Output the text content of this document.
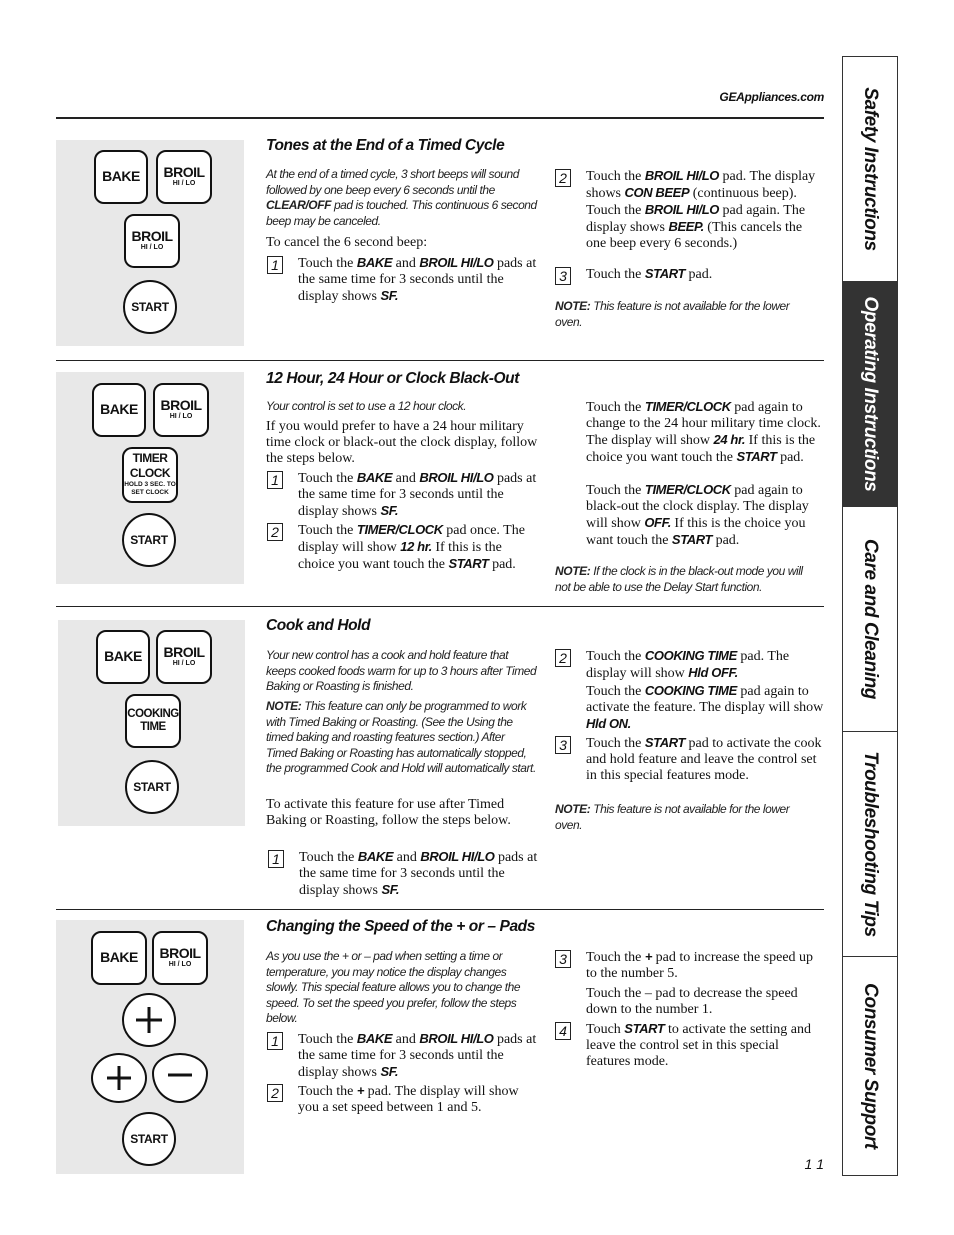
GEAppliances.com
BAKE	BROIL
HI / LO
BROIL
HI / LO
START
Tones at the End of a Timed Cycle
At the end of a timed cycle, 3 short beeps will sound followed by one beep every 6 seconds until the CLEAR/OFF pad is touched. This continuous 6 second beep may be canceled.
To cancel the 6 second beep:
1 Touch the BAKE and BROIL HI/LO pads at the same time for 3 seconds until the display shows SF.
2 Touch the BROIL HI/LO pad. The display shows CON BEEP (continuous beep). Touch the BROIL HI/LO pad again. The display shows BEEP. (This cancels the one beep every 6 seconds.)
3 Touch the START pad.
NOTE: This feature is not available for the lower oven.
BAKE	BROIL
HI / LO
TIMER
CLOCK
HOLD 3 SEC. TO
SET CLOCK
START
12 Hour, 24 Hour or Clock Black-Out
Your control is set to use a 12 hour clock.
If you would prefer to have a 24 hour military time clock or black-out the clock display, follow the steps below.
1 Touch the BAKE and BROIL HI/LO pads at the same time for 3 seconds until the display shows SF.
2 Touch the TIMER/CLOCK pad once. The display will show 12 hr. If this is the choice you want touch the START pad.
Touch the TIMER/CLOCK pad again to change to the 24 hour military time clock. The display will show 24 hr. If this is the choice you want touch the START pad.
Touch the TIMER/CLOCK pad again to black-out the clock display. The display will show OFF. If this is the choice you want touch the START pad.
NOTE: If the clock is in the black-out mode you will not be able to use the Delay Start function.
BAKE	BROIL
HI / LO
COOKING
TIME
START
Cook and Hold
Your new control has a cook and hold feature that keeps cooked foods warm for up to 3 hours after Timed Baking or Roasting is finished.
NOTE: This feature can only be programmed to work with Timed Baking or Roasting. (See the Using the timed baking and roasting features section.) After Timed Baking or Roasting has automatically stopped, the programmed Cook and Hold will automatically start.
To activate this feature for use after Timed Baking or Roasting, follow the steps below.
1 Touch the BAKE and BROIL HI/LO pads at the same time for 3 seconds until the display shows SF.
2 Touch the COOKING TIME pad. The display will show Hld OFF.
Touch the COOKING TIME pad again to activate the feature. The display will show Hld ON.
3 Touch the START pad to activate the cook and hold feature and leave the control set in this special features mode.
NOTE: This feature is not available for the lower oven.
BAKE	BROIL
HI / LO
START
Changing the Speed of the + or – Pads
As you use the + or – pad when setting a time or temperature, you may notice the display changes slowly. This special feature allows you to change the speed. To set the speed you prefer, follow the steps below.
1 Touch the BAKE and BROIL HI/LO pads at the same time for 3 seconds until the display shows SF.
2 Touch the + pad. The display will show you a set speed between 1 and 5.
3 Touch the + pad to increase the speed up to the number 5.
Touch the – pad to decrease the speed down to the number 1.
4 Touch START to activate the setting and leave the control set in this special features mode.
1 1
Safety Instructions
Operating Instructions
Care and Cleaning
Troubleshooting Tips
Consumer Support
